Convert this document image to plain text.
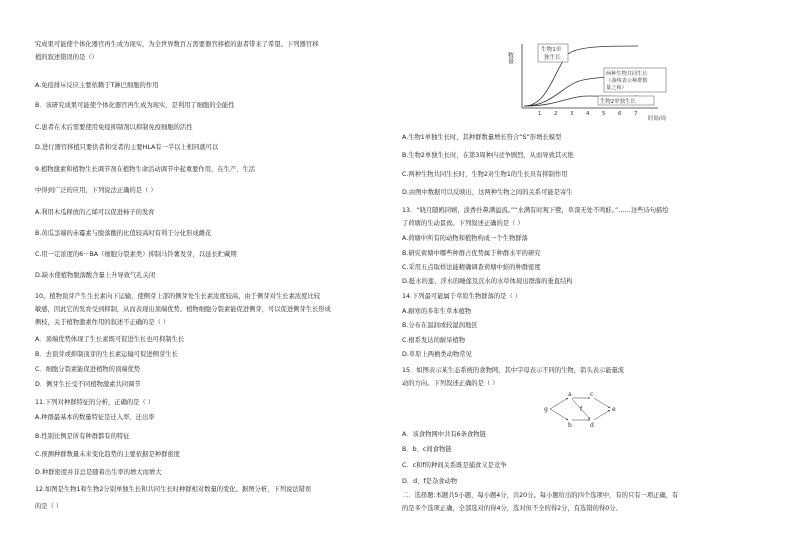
究成果可能使个体化器官再生成为现实，为全世界数百万需要器官移植的患者带来了希望。下列器官移
植的叙述错误的是（）
A.免疫排斥反应主要依赖于T淋巴细胞的作用
B．该研究成果可能使个体化器官再生成为现实，是利用了细胞的全能性
C.患者在术后需要使用免疫抑制剂以抑制免疫细胞的活性
D.进行器官移植只要供者和受者的主要HLA有一半以上相同就可以
9.植物激素和植物生长调节剂在植物生命活动调节中起重要作用，在生产、生活
中得到广泛的应用，下列说法正确的是（ ）
A.利用木瓜释放的乙烯可以促进柿子的发育
B.黄瓜茎端的赤霉素与脱落酸的比值较高时有利于分化形成雌花
C.用一定浓度的6－BA（细胞分裂素类）抑制马铃薯发芽，以延长贮藏期
D.缺水使植物脱落酸含量上升导致气孔关闭
10。植物顶芽产生生长素向下运输，使侧芽上部的侧芽处生长素浓度较高，由于侧芽对生长素浓度比较
敏感，因此它的发育受到抑制，从而表现出顶端优势。植物细胞分裂素能促进侧芽，可以促进侧芽生长形成
侧枝，关于植物激素作用的叙述不正确的是（ ）
A．顶端优势体现了生长素既可促进生长也可抑制生长
B．去顶芽或抑制顶芽的生长素运输可促进侧芽生长
C．细胞分裂素能促进植物的顶端优势
D．侧芽生长受不同植物激素共同调节
11.下列对种群特征的分析，正确的是（ ）
A.种群最基本的数量特征是迁入率、迁出率
B.性别比例是所有种群都有的特征
C.预测种群数量未来变化趋势的主要依据是种群密度
D.种群密度并非总是随着出生率的增大而增大
12.如图是生物1和生物2分别单独生长和共同生长时种群相对数量的变化。据图分析，下列说法错误
的是（ ）
A.生物1单独生长时，其种群数量增长符合“S”形增长模型
B.生物2单独生长时，在第3周种内竞争剧烈，从而导致其灭绝
C.两种生物共同生长时，生物2对生物1的生长具有抑制作用
D.由图中数据可以反映出，这两种生物之间的关系可能是寄生
13．“晓月随鸥同嬉，淡香扑鼻满溢流。”“水满有时观下鹭，草深无处不鸣蛙。”……这些诗句描绘
了荷塘的生动景致。下列叙述正确的是（ ）
A.荷塘中所有的动物和植物构成一个生物群落
B.研究荷塘中哪些种群占优势属于种群水平的研究
C.采用五点取样法能精确调查荷塘中蛙的种群密度
D.挺水的莲、浮水的睡莲及沉水的水草体现出群落的垂直结构
14.下列最可能属于草原生物群落的是（ ）
A.耐寒的多年生草本植物
B.分布在温润或较湿润地区
C.根系发达的耐旱植物
D.草原上两栖类动物常见
15．如图表示某生态系统的食物网，其中字母表示不同的生物，箭头表示能量流
动的方向。下列叙述正确的是（ ）
A．该食物网中共有6条食物链
B．b、c间食物链
C．c和f的种间关系既是捕食又是竞争
D．d、f是杂食动物
二．选择题:本题共5小题，每小题4分，共20分。每小题给出的四个选项中，有的只有一项正确，有
的是多个选项正确，全部选对的得4分，选对但不全的得2分，有选错的得0分。
数量
生物1单
独生长
两种生物共同生长
（曲线表示种群数
量之和）
生物2单独生长
1 2 3 4 5 6 7
时间/周
g
a
b
c
d
f	e
